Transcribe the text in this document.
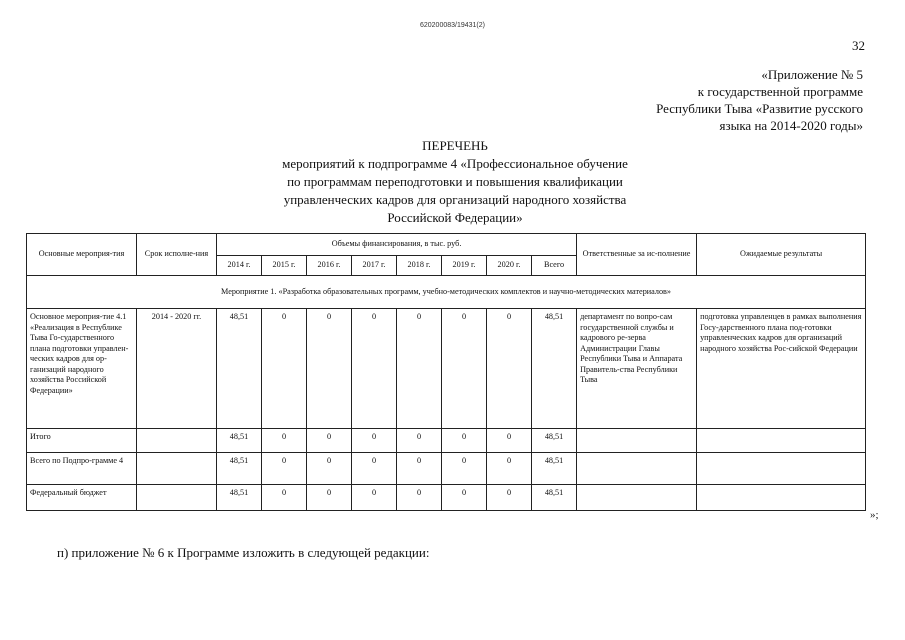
620200083/19431(2)
32
«Приложение № 5
к государственной программе
Республики Тыва «Развитие русского
языка на 2014-2020 годы»
ПЕРЕЧЕНЬ
мероприятий к подпрограмме 4 «Профессиональное обучение
по программам переподготовки и повышения квалификации
управленческих кадров для организаций народного хозяйства
Российской Федерации»
Основные мероприя-тия	Срок исполне-ния	Объемы финансирования, в тыс. руб.								Ответственные за ис-полнение	Ожидаемые результаты
		2014 г.	2015 г.	2016 г.	2017 г.	2018 г.	2019 г.	2020 г.	Всего		

Мероприятие 1. «Разработка образовательных программ, учебно-методических комплектов и научно-методических материалов»											

Основное мероприя-тие 4.1 «Реализация в Республике Тыва Го-сударственного плана подготовки управлен-ческих кадров для ор-ганизаций народного хозяйства Российской Федерации»	2014 - 2020 гг.	48,51	0	0	0	0	0	0	48,51	департамент по вопро-сам государственной службы и кадрового ре-зерва Администрации Главы Республики Тыва и Аппарата Правитель-ства Республики Тыва	подготовка управленцев в рамках выполнения Госу-дарственного плана под-готовки управленческих кадров для организаций народного хозяйства Рос-сийской Федерации
Итого		48,51	0	0	0	0	0	0	48,51		
Всего по Подпро-грамме 4		48,51	0	0	0	0	0	0	48,51		
Федеральный бюджет		48,51	0	0	0	0	0	0	48,51		
»;
п) приложение № 6 к Программе изложить в следующей редакции:
